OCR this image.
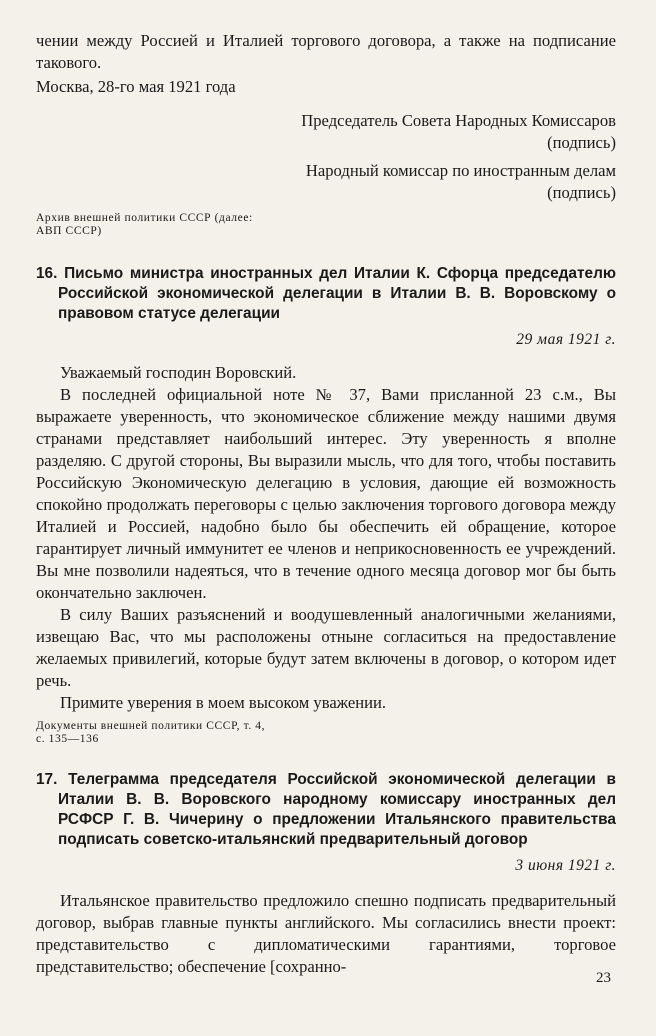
чении между Россией и Италией торгового договора, а также на подписание такового.

Москва, 28-го мая 1921 года

Председатель Совета Народных Комиссаров

(подпись)

Народный комиссар по иностранным делам

(подпись)

Архив внешней политики СССР (далее:
АВП СССР)

16. Письмо министра иностранных дел Италии К. Сфорца председателю Российской экономической делегации в Италии В. В. Воровскому о правовом статусе делегации

29 мая 1921 г.

Уважаемый господин Воровский.

В последней официальной ноте № 37, Вами присланной 23 с.м., Вы выражаете уверенность, что экономическое сближение между нашими двумя странами представляет наибольший интерес. Эту уверенность я вполне разделяю. С другой стороны, Вы выразили мысль, что для того, чтобы поставить Российскую Экономическую делегацию в условия, дающие ей возможность спокойно продолжать переговоры с целью заключения торгового договора между Италией и Россией, надобно было бы обеспечить ей обращение, которое гарантирует личный иммунитет ее членов и неприкосновенность ее учреждений. Вы мне позволили надеяться, что в течение одного месяца договор мог бы быть окончательно заключен.

В силу Ваших разъяснений и воодушевленный аналогичными желаниями, извещаю Вас, что мы расположены отныне согласиться на предоставление желаемых привилегий, которые будут затем включены в договор, о котором идет речь.

Примите уверения в моем высоком уважении.

Документы внешней политики СССР, т. 4,
с. 135—136

17. Телеграмма председателя Российской экономической делегации в Италии В. В. Воровского народному комиссару иностранных дел РСФСР Г. В. Чичерину о предложении Итальянского правительства подписать советско-итальянский предварительный договор

3 июня 1921 г.

Итальянское правительство предложило спешно подписать предварительный договор, выбрав главные пункты английского. Мы согласились внести проект: представительство с дипломатическими гарантиями, торговое представительство; обеспечение [сохранно-

23
